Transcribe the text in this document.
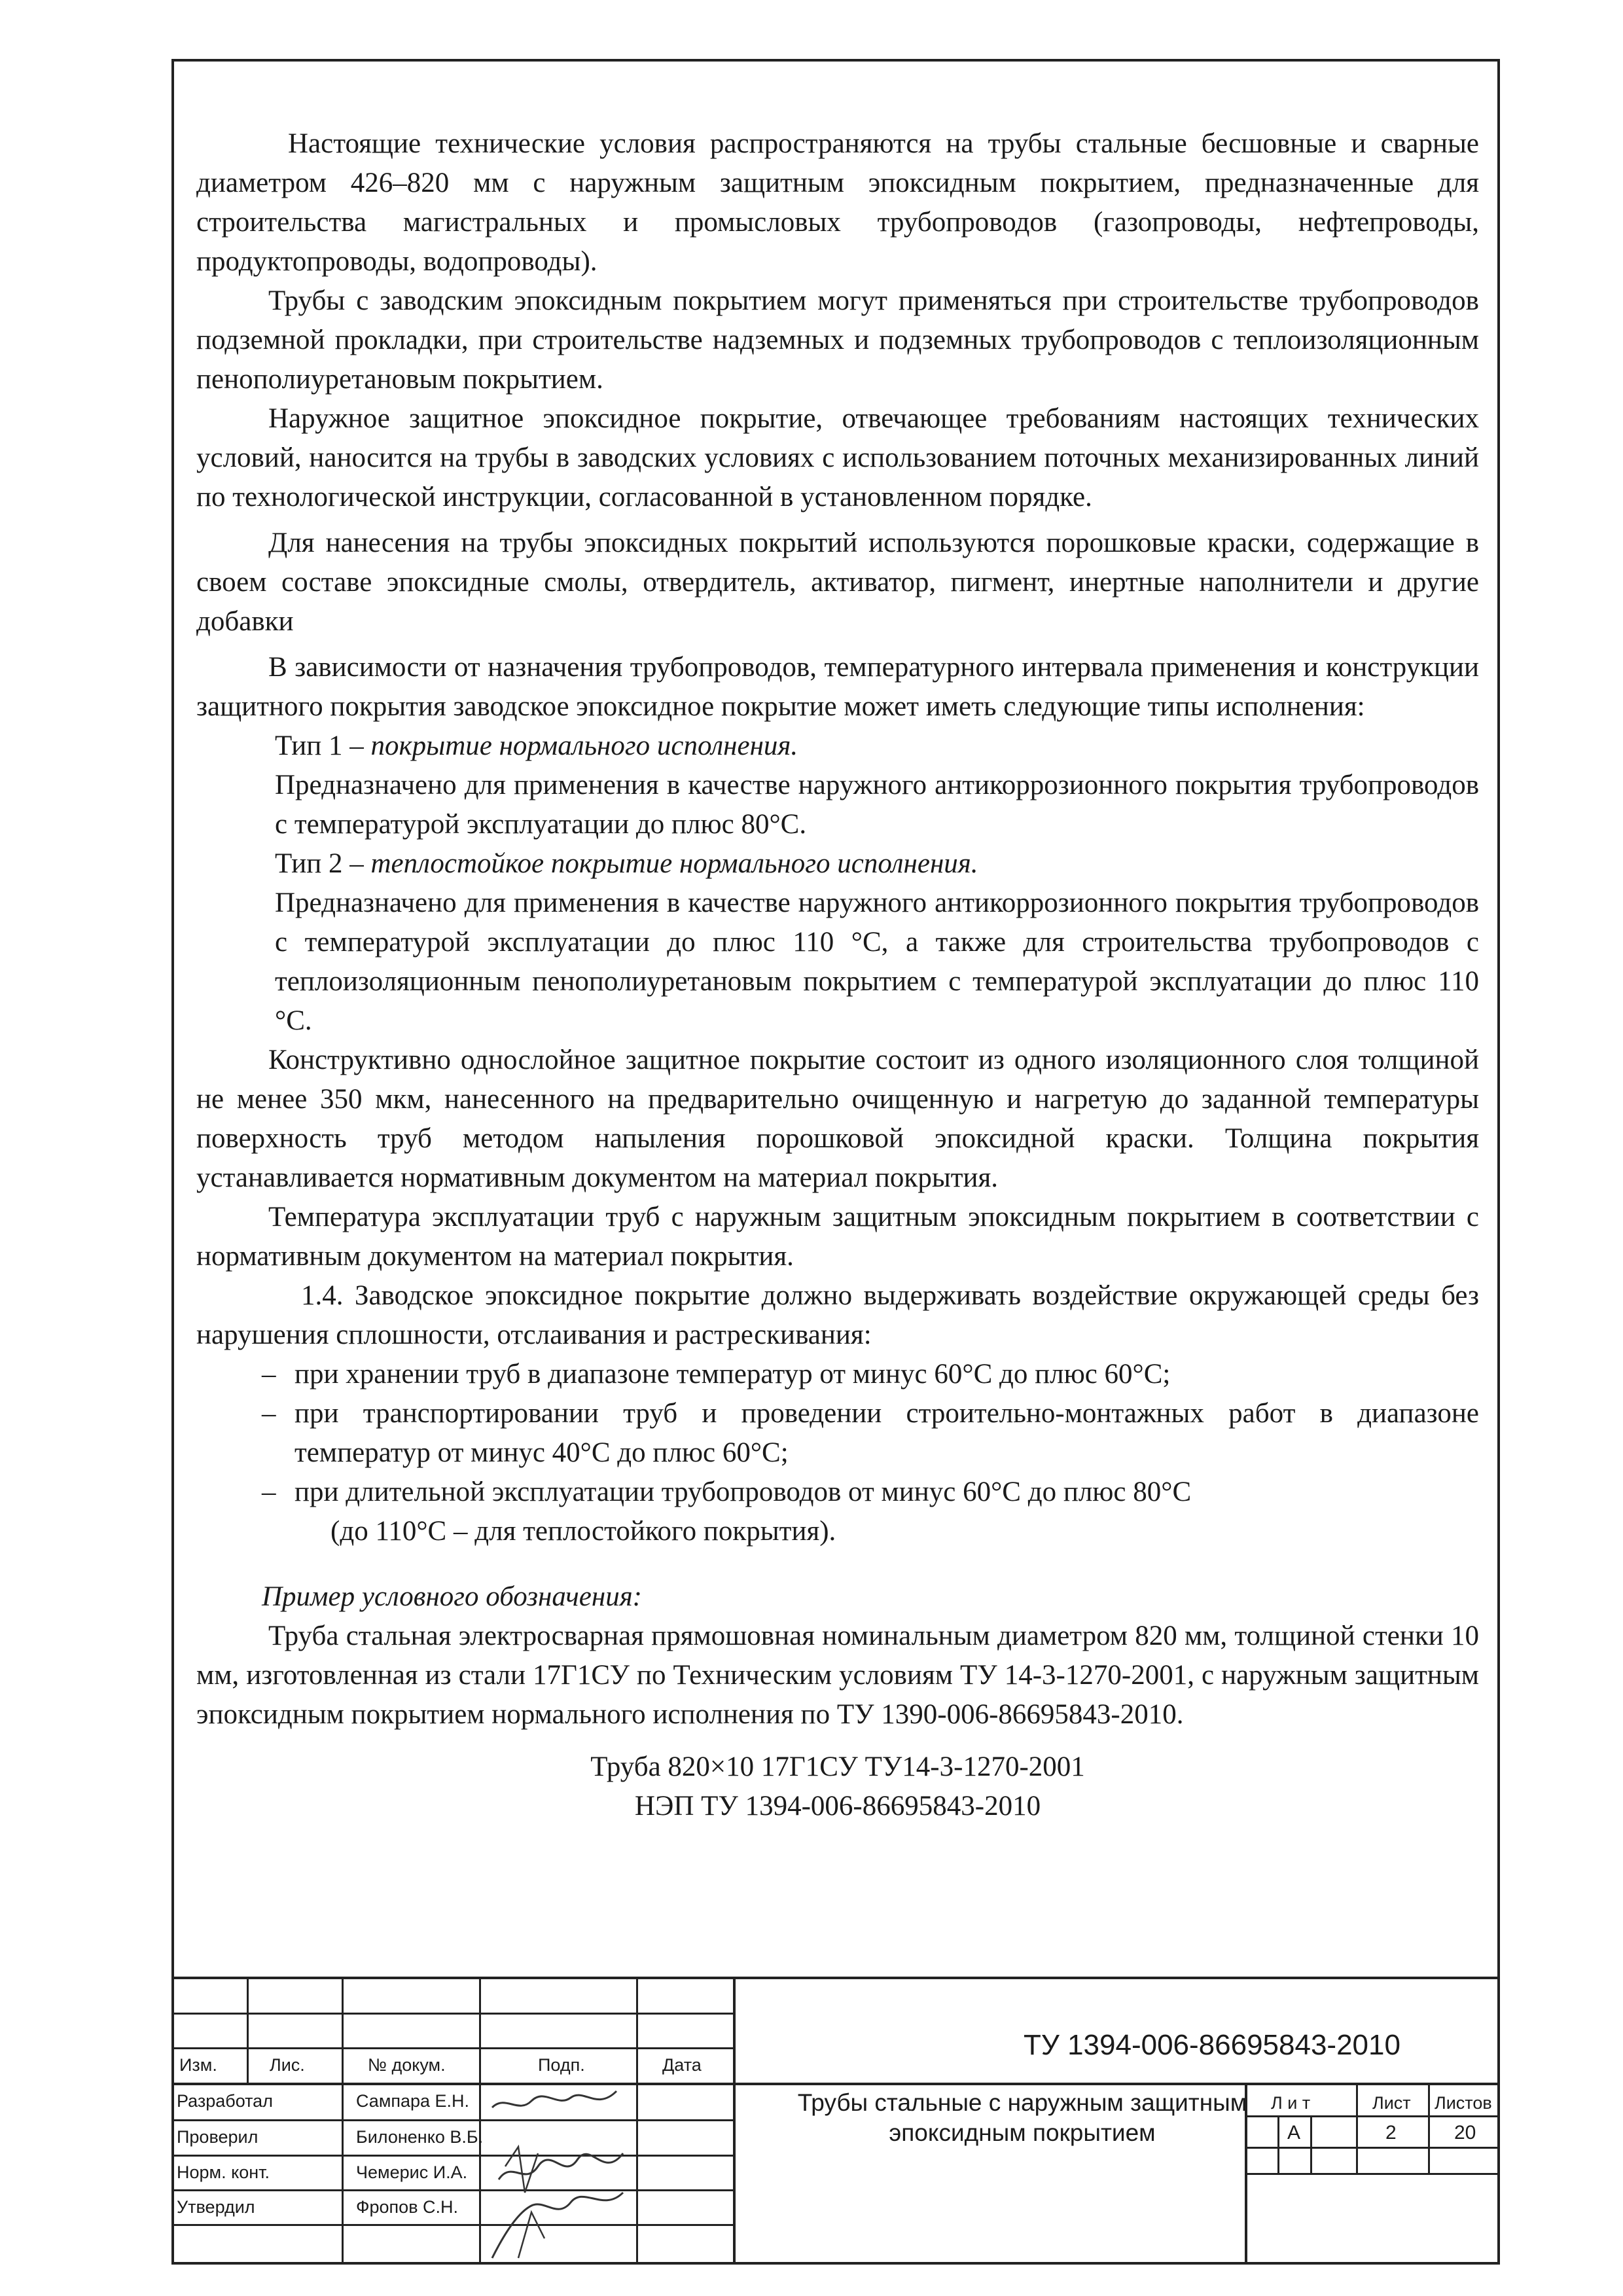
Настоящие технические условия распространяются на трубы стальные бесшовные и сварные диаметром 426–820 мм с наружным защитным эпоксидным покрытием, предназначенные для строительства магистральных и промысловых трубопроводов (газопроводы, нефтепроводы, продуктопроводы, водопроводы).

Трубы с заводским эпоксидным покрытием могут применяться при строительстве трубопроводов подземной прокладки, при строительстве надземных и подземных трубопроводов с теплоизоляционным пенополиуретановым покрытием.

Наружное защитное эпоксидное покрытие, отвечающее требованиям настоящих технических условий, наносится на трубы в заводских условиях с использованием поточных механизированных линий по технологической инструкции, согласованной в установленном порядке.

Для нанесения на трубы эпоксидных покрытий используются порошковые краски, содержащие в своем составе эпоксидные смолы, отвердитель, активатор, пигмент, инертные наполнители и другие добавки

В зависимости от назначения трубопроводов, температурного интервала применения и конструкции защитного покрытия заводское эпоксидное покрытие может иметь следующие типы исполнения:

Тип 1 – покрытие нормального исполнения.

Предназначено для применения в качестве наружного антикоррозионного покрытия трубопроводов с температурой эксплуатации до плюс 80°С.

Тип 2 – теплостойкое покрытие нормального исполнения.

Предназначено для применения в качестве наружного антикоррозионного покрытия трубопроводов с температурой эксплуатации до плюс 110 °С, а также для строительства трубопроводов с теплоизоляционным пенополиуретановым покрытием с температурой эксплуатации до плюс 110 °С.

Конструктивно однослойное защитное покрытие состоит из одного изоляционного слоя толщиной не менее 350 мкм, нанесенного на предварительно очищенную и нагретую до заданной температуры поверхность труб методом напыления порошковой эпоксидной краски. Толщина покрытия устанавливается нормативным документом на материал покрытия.

Температура эксплуатации труб с наружным защитным эпоксидным покрытием в соответствии с нормативным документом на материал покрытия.

1.4. Заводское эпоксидное покрытие должно выдерживать воздействие окружающей среды без нарушения сплошности, отслаивания и растрескивания:

– при хранении труб в диапазоне температур от минус 60°С до плюс 60°С;

– при транспортировании труб и проведении строительно-монтажных работ в диапазоне температур от минус 40°С до плюс 60°С;

– при длительной эксплуатации трубопроводов от минус 60°С до плюс 80°С

(до 110°С – для теплостойкого покрытия).

Пример условного обозначения:

Труба стальная электросварная прямошовная номинальным диаметром 820 мм, толщиной стенки 10 мм, изготовленная из стали 17Г1СУ по Техническим условиям ТУ 14-3-1270-2001, с наружным защитным эпоксидным покрытием нормального исполнения по ТУ 1390-006-86695843-2010.

Труба 820×10 17Г1СУ ТУ14-3-1270-2001

НЭП ТУ 1394-006-86695843-2010

Изм.	Лис.	№ докум.	Подп.	Дата
Разработал	Сампара Е.Н.
Проверил	Билоненко В.Б.
Норм. конт.	Чемерис И.А.
Утвердил	Фропов С.Н.
ТУ 1394-006-86695843-2010
Трубы стальные с наружным защитным эпоксидным покрытием
Л и т	Лист Листов
А	2	20
